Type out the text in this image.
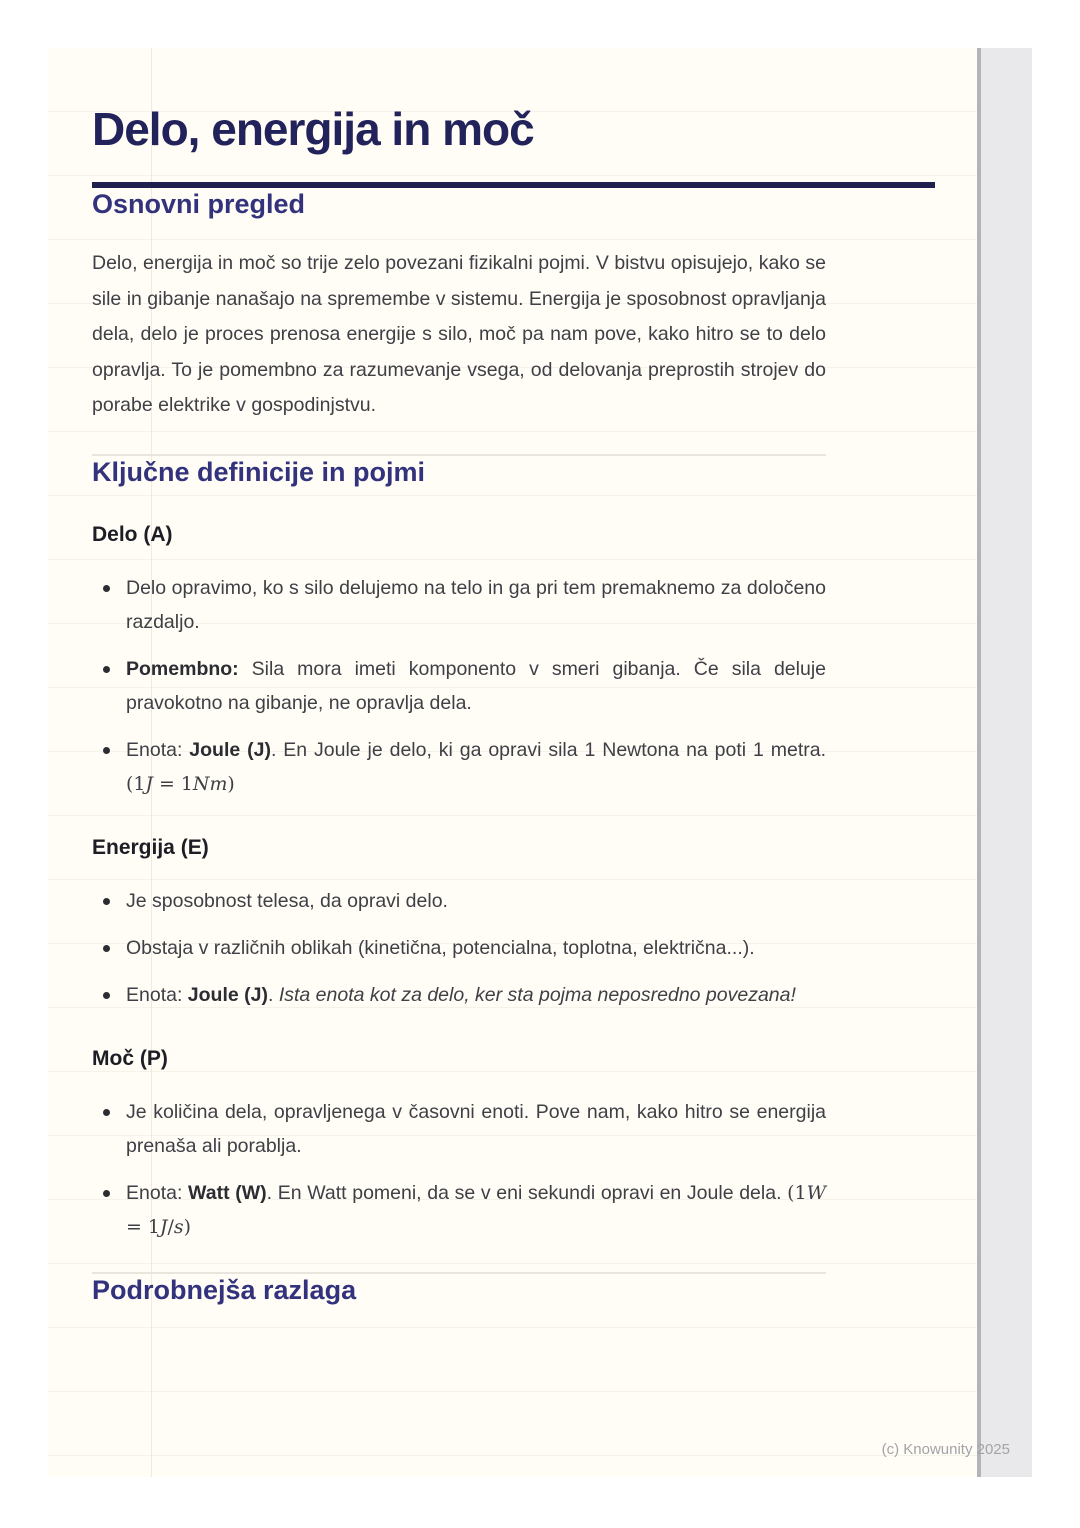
Delo, energija in moč
Osnovni pregled

Delo, energija in moč so trije zelo povezani fizikalni pojmi. V bistvu opisujejo, kako se sile in gibanje nanašajo na spremembe v sistemu. Energija je sposobnost opravljanja dela, delo je proces prenosa energije s silo, moč pa nam pove, kako hitro se to delo opravlja. To je pomembno za razumevanje vsega, od delovanja preprostih strojev do porabe elektrike v gospodinjstvu.

Ključne definicije in pojmi
Delo (A)
Delo opravimo, ko s silo delujemo na telo in ga pri tem premaknemo za določeno razdaljo.
Pomembno: Sila mora imeti komponento v smeri gibanja. Če sila deluje pravokotno na gibanje, ne opravlja dela.
Enota: Joule (J). En Joule je delo, ki ga opravi sila 1 Newtona na poti 1 metra. (1J = 1Nm)
Energija (E)
Je sposobnost telesa, da opravi delo.
Obstaja v različnih oblikah (kinetična, potencialna, toplotna, električna...).
Enota: Joule (J). Ista enota kot za delo, ker sta pojma neposredno povezana!
Moč (P)
Je količina dela, opravljenega v časovni enoti. Pove nam, kako hitro se energija prenaša ali porablja.
Enota: Watt (W). En Watt pomeni, da se v eni sekundi opravi en Joule dela. (1W = 1J/s)
Podrobnejša razlaga
(c) Knowunity 2025
